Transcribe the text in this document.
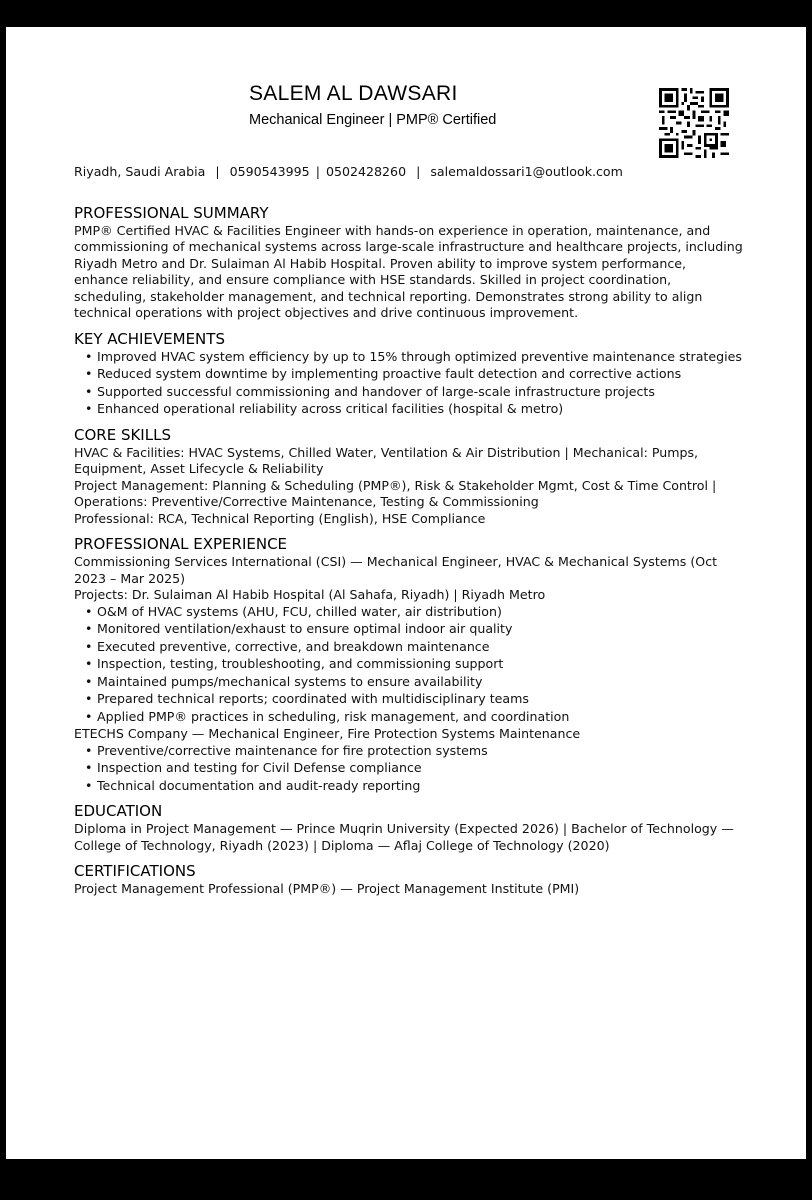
SALEM AL DAWSARI
Mechanical Engineer | PMP® Certified
Riyadh, Saudi Arabia | 0590543995 | 0502428260 | salemaldossari1@outlook.com
PROFESSIONAL SUMMARY

PMP® Certified HVAC & Facilities Engineer with hands-on experience in operation, maintenance, and commissioning of mechanical systems across large-scale infrastructure and healthcare projects, including Riyadh Metro and Dr. Sulaiman Al Habib Hospital. Proven ability to improve system performance, enhance reliability, and ensure compliance with HSE standards. Skilled in project coordination, scheduling, stakeholder management, and technical reporting. Demonstrates strong ability to align technical operations with project objectives and drive continuous improvement.

KEY ACHIEVEMENTS
• Improved HVAC system efficiency by up to 15% through optimized preventive maintenance strategies
• Reduced system downtime by implementing proactive fault detection and corrective actions
• Supported successful commissioning and handover of large-scale infrastructure projects
• Enhanced operational reliability across critical facilities (hospital & metro)
CORE SKILLS

HVAC & Facilities: HVAC Systems, Chilled Water, Ventilation & Air Distribution | Mechanical: Pumps, Equipment, Asset Lifecycle & Reliability

Project Management: Planning & Scheduling (PMP®), Risk & Stakeholder Mgmt, Cost & Time Control | Operations: Preventive/Corrective Maintenance, Testing & Commissioning

Professional: RCA, Technical Reporting (English), HSE Compliance

PROFESSIONAL EXPERIENCE

Commissioning Services International (CSI) — Mechanical Engineer, HVAC & Mechanical Systems (Oct 2023 – Mar 2025)

Projects: Dr. Sulaiman Al Habib Hospital (Al Sahafa, Riyadh) | Riyadh Metro

• O&M of HVAC systems (AHU, FCU, chilled water, air distribution)
• Monitored ventilation/exhaust to ensure optimal indoor air quality
• Executed preventive, corrective, and breakdown maintenance
• Inspection, testing, troubleshooting, and commissioning support
• Maintained pumps/mechanical systems to ensure availability
• Prepared technical reports; coordinated with multidisciplinary teams
• Applied PMP® practices in scheduling, risk management, and coordination

ETECHS Company — Mechanical Engineer, Fire Protection Systems Maintenance

• Preventive/corrective maintenance for fire protection systems
• Inspection and testing for Civil Defense compliance
• Technical documentation and audit-ready reporting
EDUCATION

Diploma in Project Management — Prince Muqrin University (Expected 2026) | Bachelor of Technology — College of Technology, Riyadh (2023) | Diploma — Aflaj College of Technology (2020)

CERTIFICATIONS

Project Management Professional (PMP®) — Project Management Institute (PMI)
